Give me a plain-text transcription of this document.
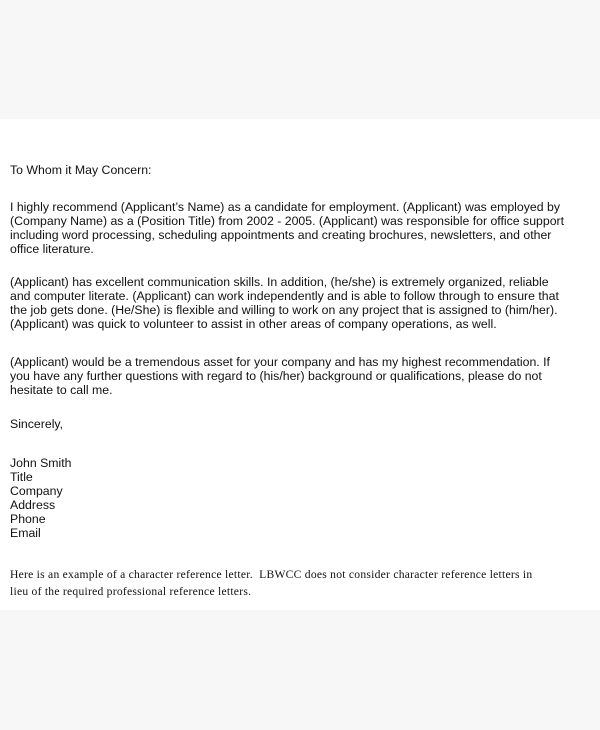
To Whom it May Concern:
I highly recommend (Applicant’s Name) as a candidate for employment. (Applicant) was employed by
(Company Name) as a (Position Title) from 2002 - 2005. (Applicant) was responsible for office support
including word processing, scheduling appointments and creating brochures, newsletters, and other
office literature.
(Applicant) has excellent communication skills. In addition, (he/she) is extremely organized, reliable
and computer literate. (Applicant) can work independently and is able to follow through to ensure that
the job gets done. (He/She) is flexible and willing to work on any project that is assigned to (him/her).
(Applicant) was quick to volunteer to assist in other areas of company operations, as well.
(Applicant) would be a tremendous asset for your company and has my highest recommendation. If
you have any further questions with regard to (his/her) background or qualifications, please do not
hesitate to call me.
Sincerely,
John Smith
Title
Company
Address
Phone
Email
Here is an example of a character reference letter.  LBWCC does not consider character reference letters in
lieu of the required professional reference letters.
